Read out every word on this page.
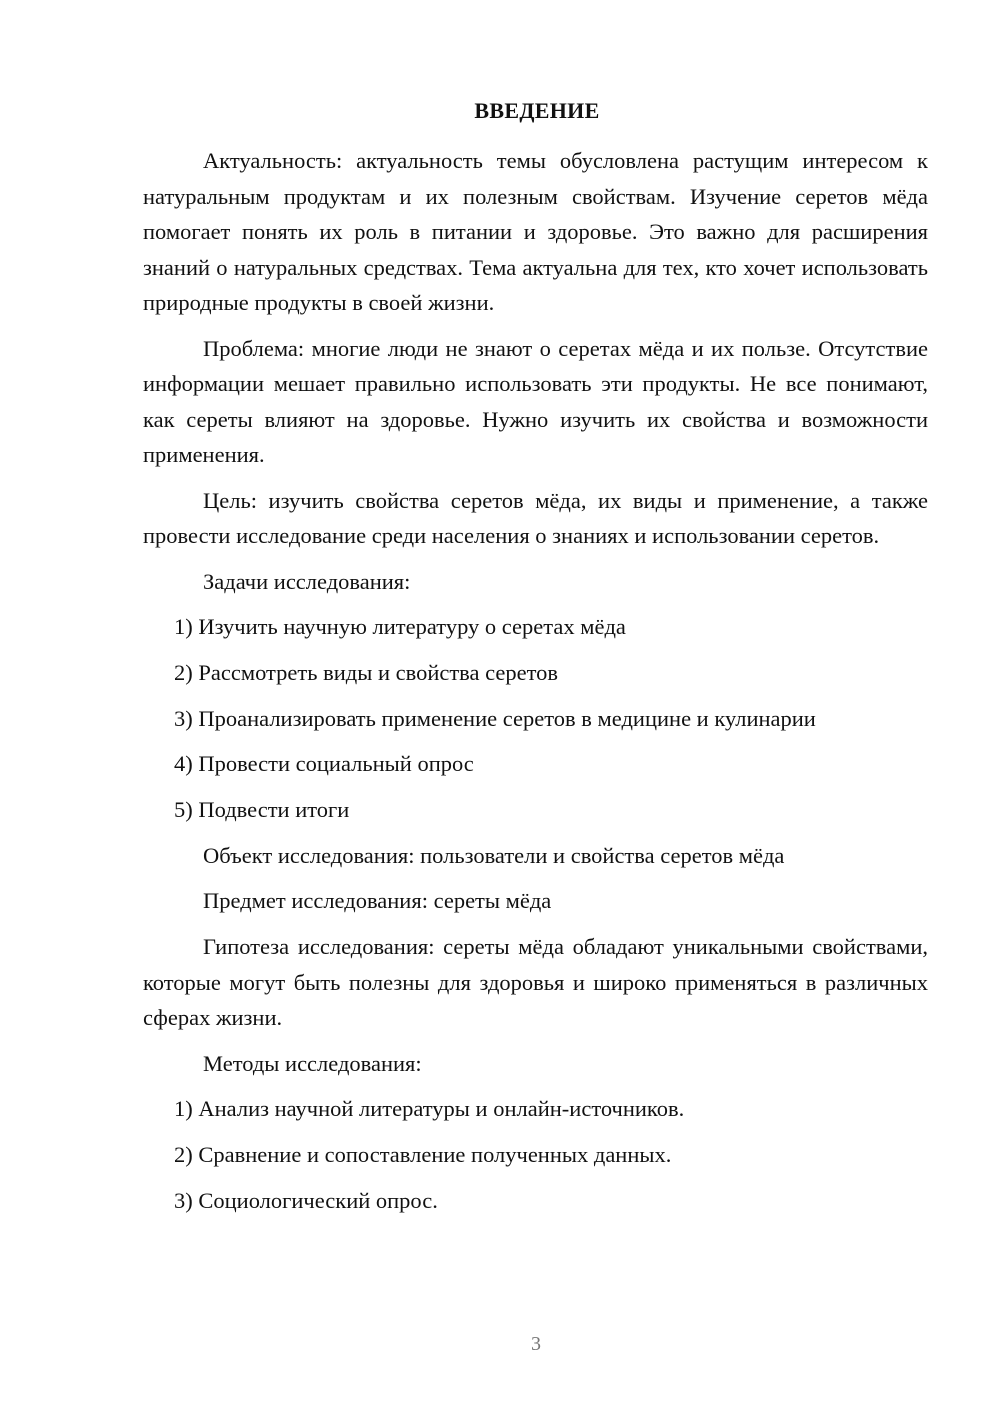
ВВЕДЕНИЕ

Актуальность: актуальность темы обусловлена растущим интересом к натуральным продуктам и их полезным свойствам. Изучение серетов мёда помогает понять их роль в питании и здоровье. Это важно для расширения знаний о натуральных средствах. Тема актуальна для тех, кто хочет использовать природные продукты в своей жизни.

Проблема: многие люди не знают о серетах мёда и их пользе. Отсутствие информации мешает правильно использовать эти продукты. Не все понимают, как сереты влияют на здоровье. Нужно изучить их свойства и возможности применения.

Цель: изучить свойства серетов мёда, их виды и применение, а также провести исследование среди населения о знаниях и использовании серетов.

Задачи исследования:
1) Изучить научную литературу о серетах мёда
2) Рассмотреть виды и свойства серетов
3) Проанализировать применение серетов в медицине и кулинарии
4) Провести социальный опрос
5) Подвести итоги
Объект исследования: пользователи и свойства серетов мёда
Предмет исследования: сереты мёда

Гипотеза исследования: сереты мёда обладают уникальными свойствами, которые могут быть полезны для здоровья и широко применяться в различных сферах жизни.

Методы исследования:
1) Анализ научной литературы и онлайн-источников.
2) Сравнение и сопоставление полученных данных.
3) Социологический опрос.
3
